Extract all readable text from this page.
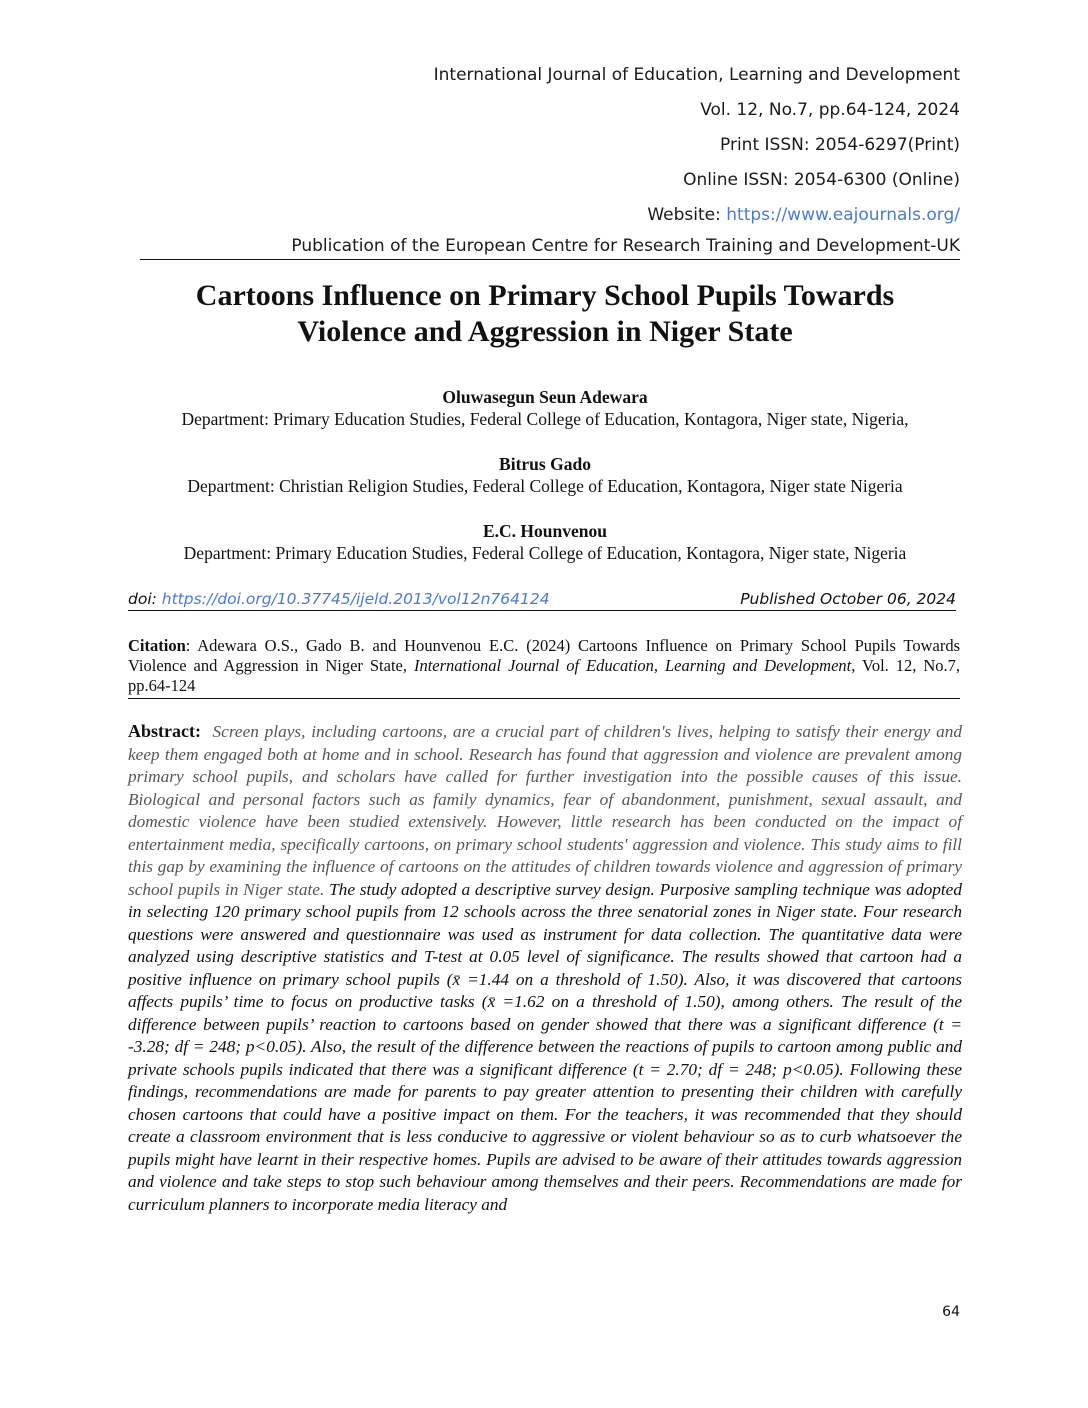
International Journal of Education, Learning and Development
Vol. 12, No.7, pp.64-124, 2024
Print ISSN: 2054-6297(Print)
Online ISSN: 2054-6300 (Online)
Website: https://www.eajournals.org/
Publication of the European Centre for Research Training and Development-UK
Cartoons Influence on Primary School Pupils Towards
Violence and Aggression in Niger State
Oluwasegun Seun Adewara
Department: Primary Education Studies, Federal College of Education, Kontagora, Niger state, Nigeria,
Bitrus Gado
Department: Christian Religion Studies, Federal College of Education, Kontagora, Niger state Nigeria
E.C. Hounvenou
Department: Primary Education Studies, Federal College of Education, Kontagora, Niger state, Nigeria
doi: https://doi.org/10.37745/ijeld.2013/vol12n764124	Published October 06, 2024
Citation: Adewara O.S., Gado B. and Hounvenou E.C. (2024) Cartoons Influence on Primary School Pupils Towards Violence and Aggression in Niger State, International Journal of Education, Learning and Development, Vol. 12, No.7, pp.64-124
Abstract: Screen plays, including cartoons, are a crucial part of children's lives, helping to satisfy their energy and keep them engaged both at home and in school. Research has found that aggression and violence are prevalent among primary school pupils, and scholars have called for further investigation into the possible causes of this issue. Biological and personal factors such as family dynamics, fear of abandonment, punishment, sexual assault, and domestic violence have been studied extensively. However, little research has been conducted on the impact of entertainment media, specifically cartoons, on primary school students' aggression and violence. This study aims to fill this gap by examining the influence of cartoons on the attitudes of children towards violence and aggression of primary school pupils in Niger state. The study adopted a descriptive survey design. Purposive sampling technique was adopted in selecting 120 primary school pupils from 12 schools across the three senatorial zones in Niger state. Four research questions were answered and questionnaire was used as instrument for data collection. The quantitative data were analyzed using descriptive statistics and T-test at 0.05 level of significance. The results showed that cartoon had a positive influence on primary school pupils (x̄ =1.44 on a threshold of 1.50). Also, it was discovered that cartoons affects pupils’ time to focus on productive tasks (x̄ =1.62 on a threshold of 1.50), among others. The result of the difference between pupils’ reaction to cartoons based on gender showed that there was a significant difference (t = -3.28; df = 248; p<0.05). Also, the result of the difference between the reactions of pupils to cartoon among public and private schools pupils indicated that there was a significant difference (t = 2.70; df = 248; p<0.05). Following these findings, recommendations are made for parents to pay greater attention to presenting their children with carefully chosen cartoons that could have a positive impact on them. For the teachers, it was recommended that they should create a classroom environment that is less conducive to aggressive or violent behaviour so as to curb whatsoever the pupils might have learnt in their respective homes. Pupils are advised to be aware of their attitudes towards aggression and violence and take steps to stop such behaviour among themselves and their peers. Recommendations are made for curriculum planners to incorporate media literacy and
64
